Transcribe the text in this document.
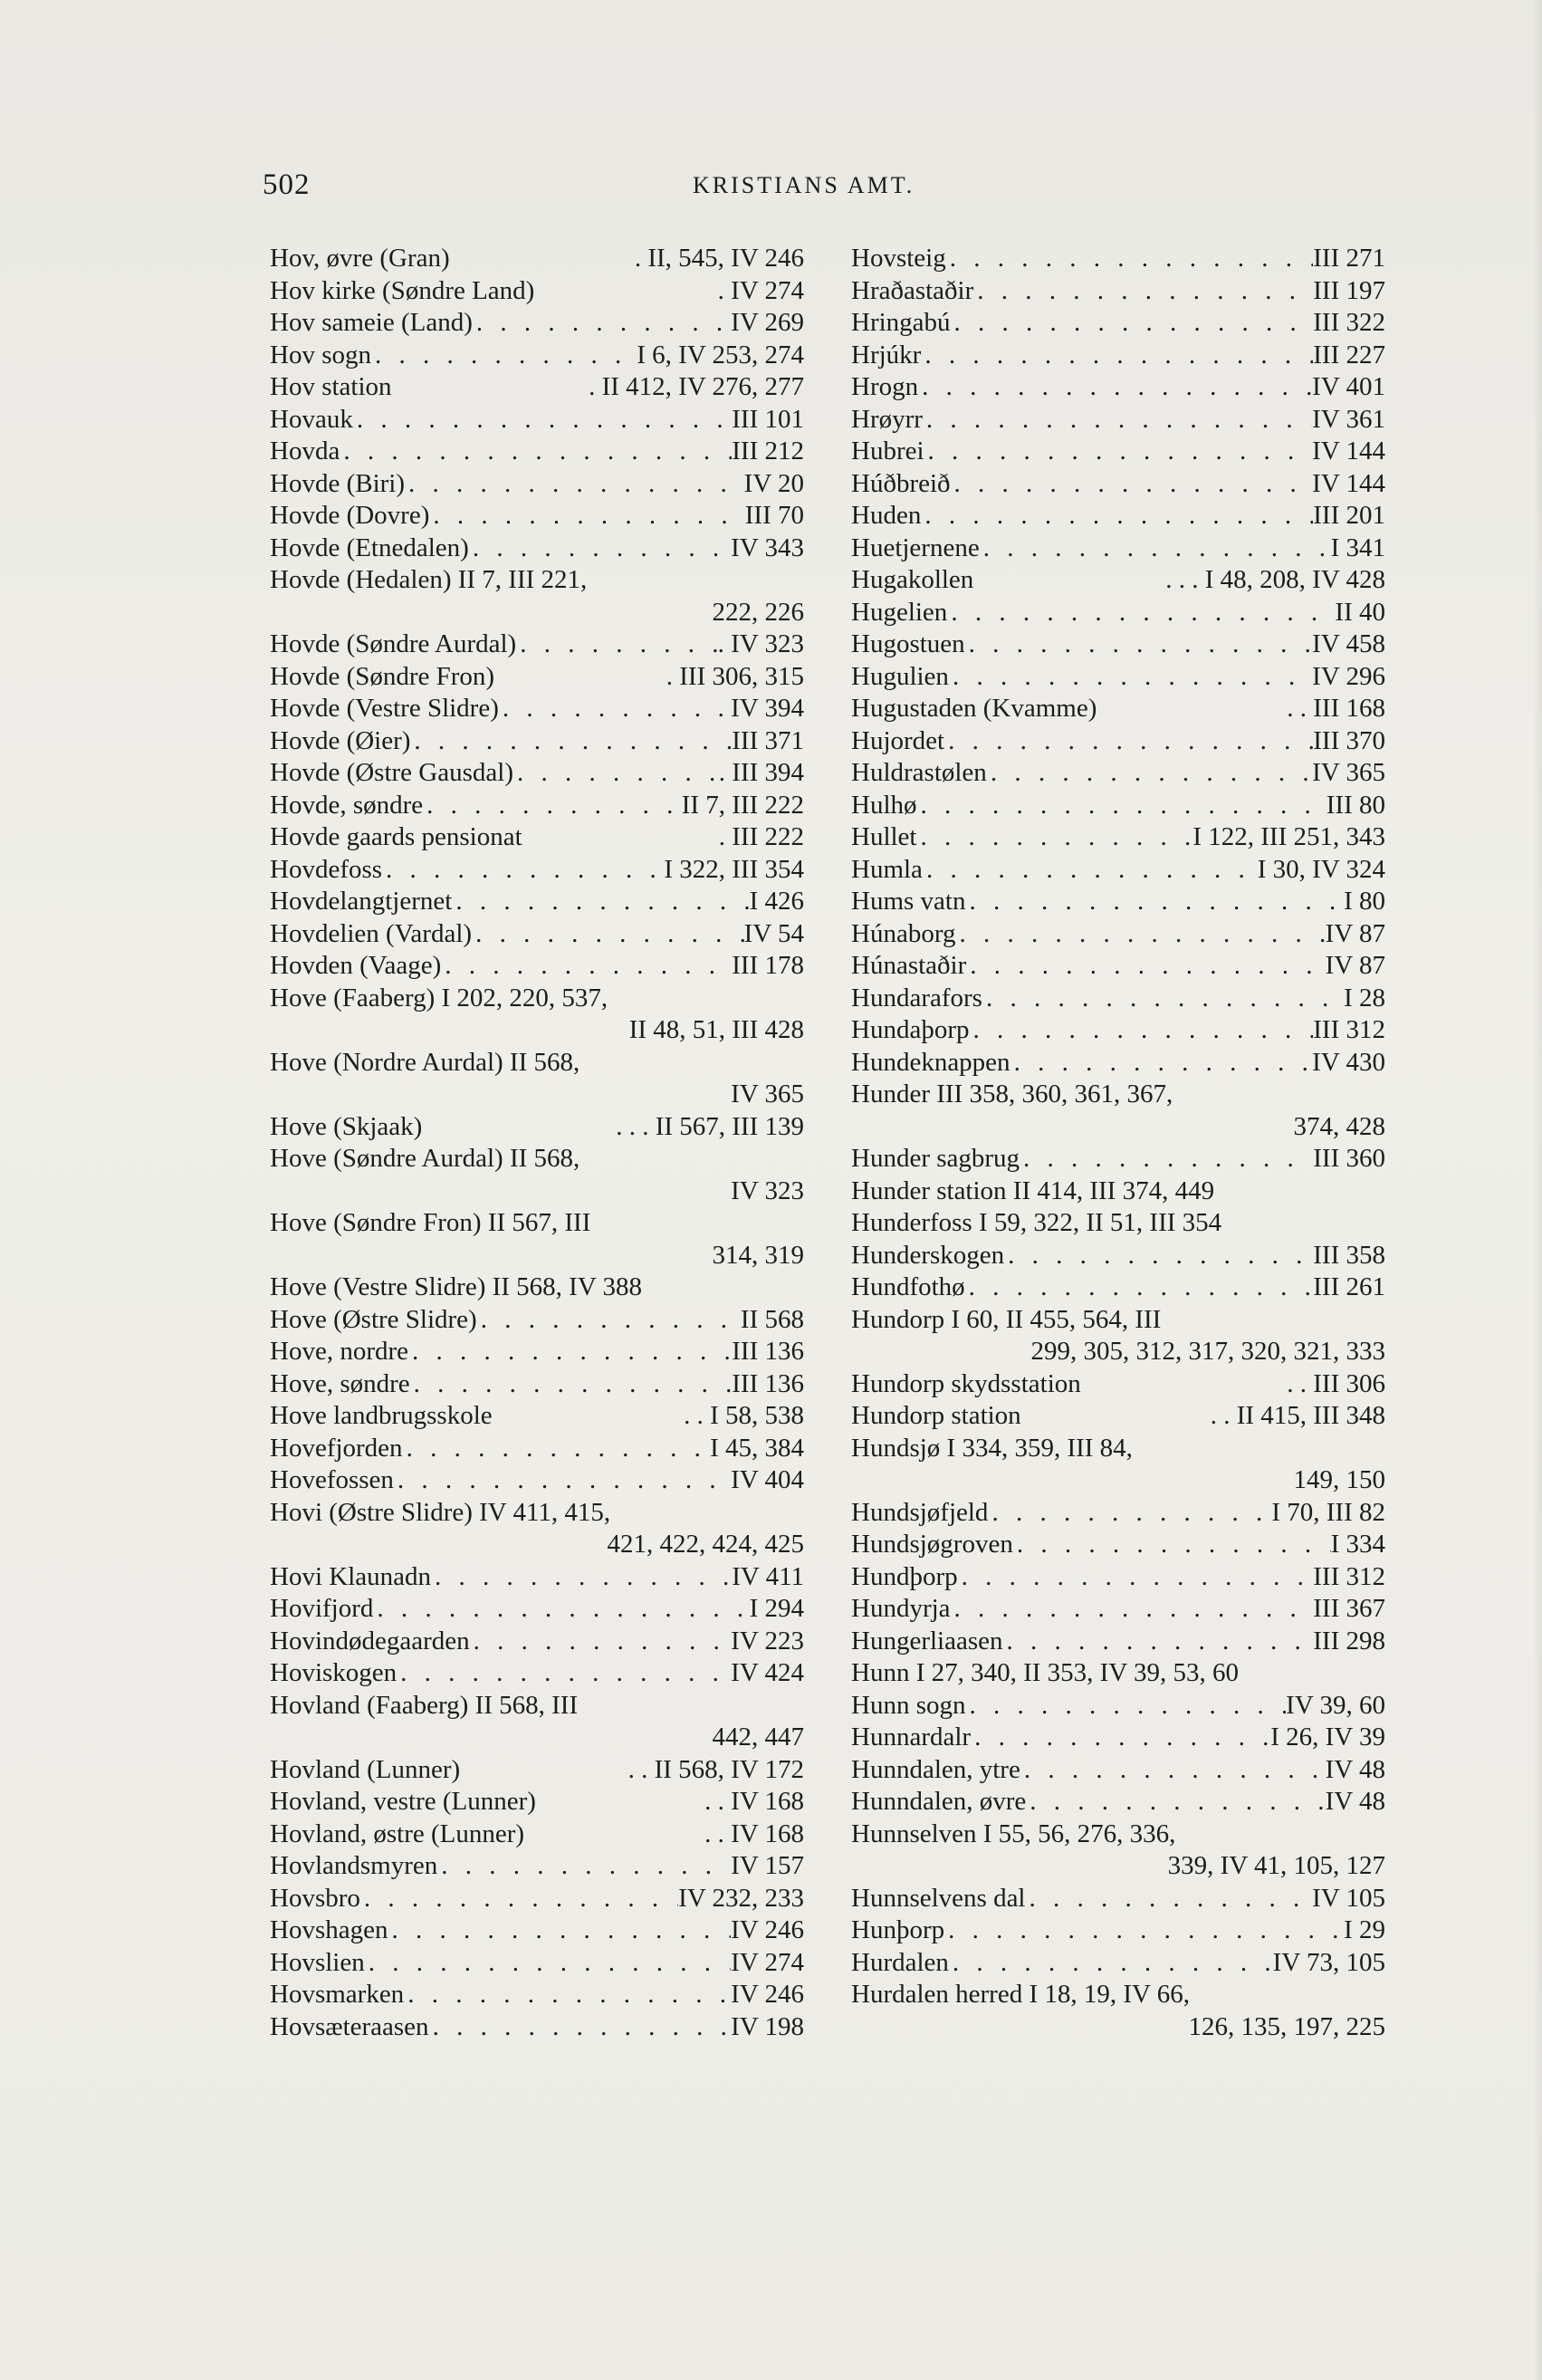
502	KRISTIANS AMT.
Hov, øvre (Gran)	. II, 545, IV 246
Hov kirke (Søndre Land)	. IV 274
Hov sameie (Land) . . .	IV 269
Hov sogn . . .	I 6, IV 253, 274
Hov station	. II 412, IV 276, 277
Hovauk . . .	III 101
Hovda . . .	III 212
Hovde (Biri) . . .	IV 20
Hovde (Dovre) . . .	III 70
Hovde (Etnedalen) . . .	IV 343
Hovde (Hedalen) II 7, III 221,
222, 226
Hovde (Søndre Aurdal) . . .	. IV 323
Hovde (Søndre Fron)	. III 306, 315
Hovde (Vestre Slidre) . . .	. IV 394
Hovde (Øier) . . .	III 371
Hovde (Østre Gausdal) . . .	. III 394
Hovde, søndre . . .	II 7, III 222
Hovde gaards pensionat	. III 222
Hovdefoss . . .	I 322, III 354
Hovdelangtjernet . . .	I 426
Hovdelien (Vardal) . . .	IV 54
Hovden (Vaage) . . .	III 178
Hove (Faaberg) I 202, 220, 537,
II 48, 51, III 428
Hove (Nordre Aurdal) II 568,
IV 365
Hove (Skjaak)	. . . II 567, III 139
Hove (Søndre Aurdal) II 568,
IV 323
Hove (Søndre Fron) II 567, III
314, 319
Hove (Vestre Slidre) II 568, IV 388
Hove (Østre Slidre) . . .	II 568
Hove, nordre . . .	III 136
Hove, søndre . . .	III 136
Hove landbrugsskole	. . I 58, 538
Hovefjorden . . .	I 45, 384
Hovefossen . . .	IV 404
Hovi (Østre Slidre) IV 411, 415,
421, 422, 424, 425
Hovi Klaunadn . . .	IV 411
Hovifjord . . .	I 294
Hovindødegaarden . . .	IV 223
Hoviskogen . . .	IV 424
Hovland (Faaberg) II 568, III
442, 447
Hovland (Lunner)	. . II 568, IV 172
Hovland, vestre (Lunner)	. . IV 168
Hovland, østre (Lunner)	. . IV 168
Hovlandsmyren . . .	IV 157
Hovsbro . . .	IV 232, 233
Hovshagen . . .	IV 246
Hovslien . . .	IV 274
Hovsmarken . . .	IV 246
Hovsæteraasen . . .	IV 198
Hovsteig . . .	III 271
Hraðastaðir . . .	III 197
Hringabú . . .	III 322
Hrjúkr . . .	III 227
Hrogn . . .	IV 401
Hrøyrr . . .	IV 361
Hubrei . . .	IV 144
Húðbreið . . .	IV 144
Huden . . .	III 201
Huetjernene . . .	I 341
Hugakollen	. . . I 48, 208, IV 428
Hugelien . . .	II 40
Hugostuen . . .	IV 458
Hugulien . . .	IV 296
Hugustaden (Kvamme)	. . III 168
Hujordet . . .	III 370
Huldrastølen . . .	IV 365
Hulhø . . .	III 80
Hullet . . .	I 122, III 251, 343
Humla . . .	I 30, IV 324
Hums vatn . . .	I 80
Húnaborg . . .	IV 87
Húnastaðir . . .	IV 87
Hundarafors . . .	I 28
Hundaþorp . . .	III 312
Hundeknappen . . .	IV 430
Hunder III 358, 360, 361, 367,
374, 428
Hunder sagbrug . . .	III 360
Hunder station II 414, III 374, 449
Hunderfoss I 59, 322, II 51, III 354
Hunderskogen . . .	III 358
Hundfothø . . .	III 261
Hundorp I 60, II 455, 564, III
299, 305, 312, 317, 320, 321, 333
Hundorp skydsstation	. . III 306
Hundorp station	. . II 415, III 348
Hundsjø I 334, 359, III 84,
149, 150
Hundsjøfjeld . . .	I 70, III 82
Hundsjøgroven . . .	I 334
Hundþorp . . .	III 312
Hundyrja . . .	III 367
Hungerliaasen . . .	III 298
Hunn I 27, 340, II 353, IV 39, 53, 60
Hunn sogn . . .	IV 39, 60
Hunnardalr . . .	I 26, IV 39
Hunndalen, ytre . . .	IV 48
Hunndalen, øvre . . .	IV 48
Hunnselven I 55, 56, 276, 336,
339, IV 41, 105, 127
Hunnselvens dal . . .	IV 105
Hunþorp . . .	I 29
Hurdalen . . .	IV 73, 105
Hurdalen herred I 18, 19, IV 66,
126, 135, 197, 225
